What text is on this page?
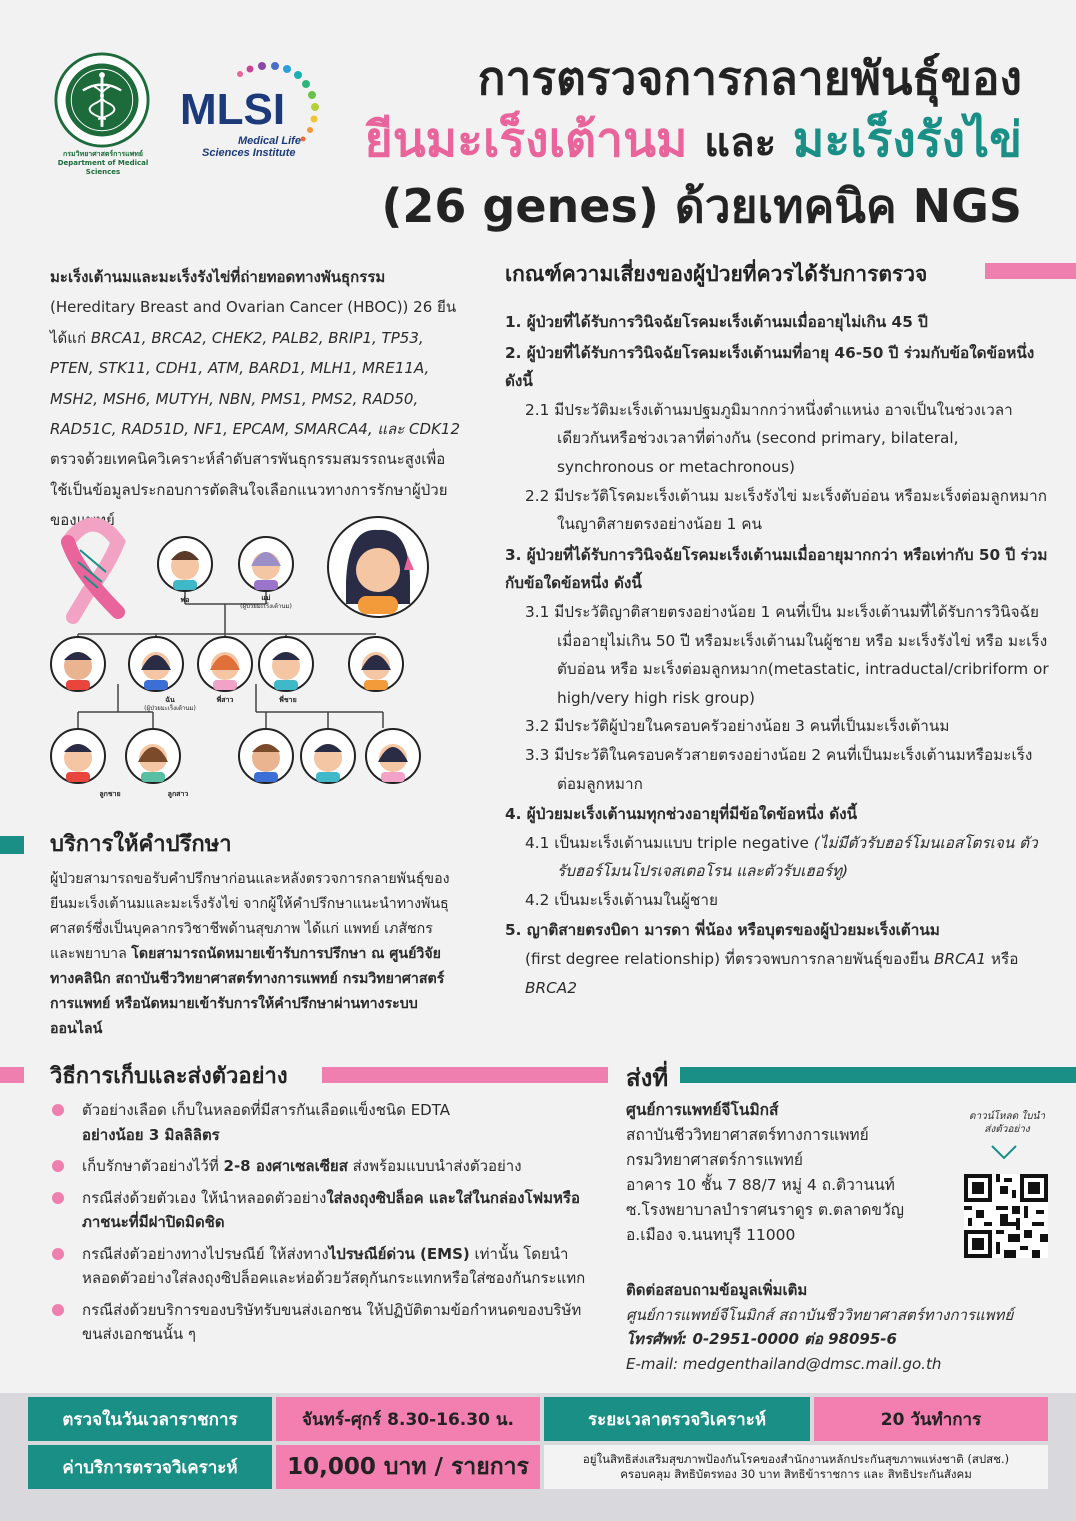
กรมวิทยาศาสตร์การแพทย์
Department of Medical Sciences
MLSI
Medical Life
Sciences Institute
การตรวจการกลายพันธุ์ของ
ยีนมะเร็งเต้านม และ มะเร็งรังไข่
(26 genes) ด้วยเทคนิค NGS
มะเร็งเต้านมและมะเร็งรังไข่ที่ถ่ายทอดทางพันธุกรรม (Hereditary Breast and Ovarian Cancer (HBOC)) 26 ยีน ได้แก่ BRCA1, BRCA2, CHEK2, PALB2, BRIP1, TP53, PTEN, STK11, CDH1, ATM, BARD1, MLH1, MRE11A, MSH2, MSH6, MUTYH, NBN, PMS1, PMS2, RAD50, RAD51C, RAD51D, NF1, EPCAM, SMARCA4, และ CDK12 ตรวจด้วยเทคนิควิเคราะห์ลำดับสารพันธุกรรมสมรรถนะสูงเพื่อใช้เป็นข้อมูลประกอบการตัดสินใจเลือกแนวทางการรักษาผู้ป่วยของแพทย์
พ่อ	แม่
(ผู้ป่วยมะเร็งเต้านม)
ฉัน
(ผู้ป่วยมะเร็งเต้านม)
พี่สาว	พี่ชาย
ลูกชาย	ลูกสาว
บริการให้คำปรึกษา
ผู้ป่วยสามารถขอรับคำปรึกษาก่อนและหลังตรวจการกลายพันธุ์ของยีนมะเร็งเต้านมและมะเร็งรังไข่ จากผู้ให้คำปรึกษาแนะนำทางพันธุศาสตร์ซึ่งเป็นบุคลากรวิชาชีพด้านสุขภาพ ได้แก่ แพทย์ เภสัชกร และพยาบาล โดยสามารถนัดหมายเข้ารับการปรึกษา ณ ศูนย์วิจัยทางคลินิก สถาบันชีววิทยาศาสตร์ทางการแพทย์ กรมวิทยาศาสตร์การแพทย์ หรือนัดหมายเข้ารับการให้คำปรึกษาผ่านทางระบบออนไลน์
เกณฑ์ความเสี่ยงของผู้ป่วยที่ควรได้รับการตรวจ
1. ผู้ป่วยที่ได้รับการวินิจฉัยโรคมะเร็งเต้านมเมื่ออายุไม่เกิน 45 ปี
2. ผู้ป่วยที่ได้รับการวินิจฉัยโรคมะเร็งเต้านมที่อายุ 46-50 ปี ร่วมกับข้อใดข้อหนึ่ง ดังนี้
2.1 มีประวัติมะเร็งเต้านมปฐมภูมิมากกว่าหนึ่งตำแหน่ง อาจเป็นในช่วงเวลาเดียวกันหรือช่วงเวลาที่ต่างกัน (second primary, bilateral, synchronous or metachronous)
2.2 มีประวัติโรคมะเร็งเต้านม มะเร็งรังไข่ มะเร็งตับอ่อน หรือมะเร็งต่อมลูกหมาก ในญาติสายตรงอย่างน้อย 1 คน
3. ผู้ป่วยที่ได้รับการวินิจฉัยโรคมะเร็งเต้านมเมื่ออายุมากกว่า หรือเท่ากับ 50 ปี ร่วมกับข้อใดข้อหนึ่ง ดังนี้
3.1 มีประวัติญาติสายตรงอย่างน้อย 1 คนที่เป็น มะเร็งเต้านมที่ได้รับการวินิจฉัยเมื่ออายุไม่เกิน 50 ปี หรือมะเร็งเต้านมในผู้ชาย หรือ มะเร็งรังไข่ หรือ มะเร็งตับอ่อน หรือ มะเร็งต่อมลูกหมาก(metastatic, intraductal/cribriform or high/very high risk group)
3.2 มีประวัติผู้ป่วยในครอบครัวอย่างน้อย 3 คนที่เป็นมะเร็งเต้านม
3.3 มีประวัติในครอบครัวสายตรงอย่างน้อย 2 คนที่เป็นมะเร็งเต้านมหรือมะเร็งต่อมลูกหมาก
4. ผู้ป่วยมะเร็งเต้านมทุกช่วงอายุที่มีข้อใดข้อหนึ่ง ดังนี้
4.1 เป็นมะเร็งเต้านมแบบ triple negative (ไม่มีตัวรับฮอร์โมนเอสโตรเจน ตัวรับฮอร์โมนโปรเจสเตอโรน และตัวรับเฮอร์ทู)
4.2 เป็นมะเร็งเต้านมในผู้ชาย
5. ญาติสายตรงบิดา มารดา พี่น้อง หรือบุตรของผู้ป่วยมะเร็งเต้านม
(first degree relationship) ที่ตรวจพบการกลายพันธุ์ของยีน BRCA1 หรือ BRCA2
วิธีการเก็บและส่งตัวอย่าง
ตัวอย่างเลือด เก็บในหลอดที่มีสารกันเลือดแข็งชนิด EDTA
อย่างน้อย 3 มิลลิลิตร
เก็บรักษาตัวอย่างไว้ที่ 2-8 องศาเซลเซียส ส่งพร้อมแบบนำส่งตัวอย่าง
กรณีส่งด้วยตัวเอง ให้นำหลอดตัวอย่างใส่ลงถุงซิปล็อค และใส่ในกล่องโฟมหรือภาชนะที่มีฝาปิดมิดชิด
กรณีส่งตัวอย่างทางไปรษณีย์ ให้ส่งทางไปรษณีย์ด่วน (EMS) เท่านั้น โดยนำหลอดตัวอย่างใส่ลงถุงซิปล็อคและห่อด้วยวัสดุกันกระแทกหรือใส่ซองกันกระแทก
กรณีส่งด้วยบริการของบริษัทรับขนส่งเอกชน ให้ปฏิบัติตามข้อกำหนดของบริษัทขนส่งเอกชนนั้น ๆ
ส่งที่
ศูนย์การแพทย์จีโนมิกส์
สถาบันชีววิทยาศาสตร์ทางการแพทย์
กรมวิทยาศาสตร์การแพทย์
อาคาร 10 ชั้น 7 88/7 หมู่ 4 ถ.ติวานนท์
ซ.โรงพยาบาลบำราศนราดูร ต.ตลาดขวัญ
อ.เมือง จ.นนทบุรี 11000
ดาวน์โหลด ใบนำส่งตัวอย่าง
ติดต่อสอบถามข้อมูลเพิ่มเติม
ศูนย์การแพทย์จีโนมิกส์ สถาบันชีววิทยาศาสตร์ทางการแพทย์
โทรศัพท์: 0-2951-0000 ต่อ 98095-6
E-mail: medgenthailand@dmsc.mail.go.th
ตรวจในวันเวลาราชการ	จันทร์-ศุกร์ 8.30-16.30 น.	ระยะเวลาตรวจวิเคราะห์	20 วันทำการ
ค่าบริการตรวจวิเคราะห์	10,000 บาท / รายการ	อยู่ในสิทธิส่งเสริมสุขภาพป้องกันโรคของสำนักงานหลักประกันสุขภาพแห่งชาติ (สปสช.) ครอบคลุม สิทธิบัตรทอง 30 บาท สิทธิข้าราชการ และ สิทธิประกันสังคม
